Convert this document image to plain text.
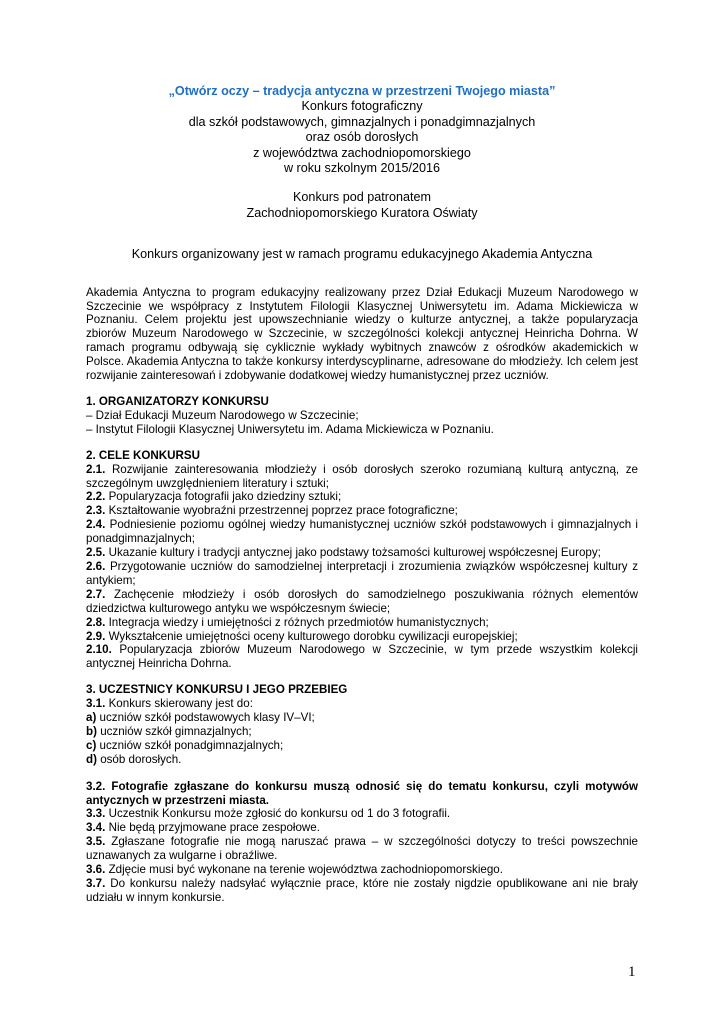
„Otwórz oczy – tradycja antyczna w przestrzeni Twojego miasta”
Konkurs fotograficzny
dla szkół podstawowych, gimnazjalnych i ponadgimnazjalnych
oraz osób dorosłych
z województwa zachodniopomorskiego
w roku szkolnym 2015/2016
Konkurs pod patronatem
Zachodniopomorskiego Kuratora Oświaty
Konkurs organizowany jest w ramach programu edukacyjnego Akademia Antyczna

Akademia Antyczna to program edukacyjny realizowany przez Dział Edukacji Muzeum Narodowego w Szczecinie we współpracy z Instytutem Filologii Klasycznej Uniwersytetu im. Adama Mickiewicza w Poznaniu. Celem projektu jest upowszechnianie wiedzy o kulturze antycznej, a także popularyzacja zbiorów Muzeum Narodowego w Szczecinie, w szczególności kolekcji antycznej Heinricha Dohrna. W ramach programu odbywają się cyklicznie wykłady wybitnych znawców z ośrodków akademickich w Polsce. Akademia Antyczna to także konkursy interdyscyplinarne, adresowane do młodzieży. Ich celem jest rozwijanie zainteresowań i zdobywanie dodatkowej wiedzy humanistycznej przez uczniów.

1. ORGANIZATORZY KONKURSU
– Dział Edukacji Muzeum Narodowego w Szczecinie;
– Instytut Filologii Klasycznej Uniwersytetu im. Adama Mickiewicza w Poznaniu.
2. CELE KONKURSU
2.1. Rozwijanie zainteresowania młodzieży i osób dorosłych szeroko rozumianą kulturą antyczną, ze szczególnym uwzględnieniem literatury i sztuki;
2.2. Popularyzacja fotografii jako dziedziny sztuki;
2.3. Kształtowanie wyobraźni przestrzennej poprzez prace fotograficzne;
2.4. Podniesienie poziomu ogólnej wiedzy humanistycznej uczniów szkół podstawowych i gimnazjalnych i ponadgimnazjalnych;
2.5. Ukazanie kultury i tradycji antycznej jako podstawy tożsamości kulturowej współczesnej Europy;
2.6. Przygotowanie uczniów do samodzielnej interpretacji i zrozumienia związków współczesnej kultury z antykiem;
2.7. Zachęcenie młodzieży i osób dorosłych do samodzielnego poszukiwania różnych elementów dziedzictwa kulturowego antyku we współczesnym świecie;
2.8. Integracja wiedzy i umiejętności z różnych przedmiotów humanistycznych;
2.9. Wykształcenie umiejętności oceny kulturowego dorobku cywilizacji europejskiej;
2.10. Popularyzacja zbiorów Muzeum Narodowego w Szczecinie, w tym przede wszystkim kolekcji antycznej Heinricha Dohrna.
3. UCZESTNICY KONKURSU I JEGO PRZEBIEG
3.1. Konkurs skierowany jest do:
a) uczniów szkół podstawowych klasy IV–VI;
b) uczniów szkół gimnazjalnych;
c) uczniów szkół ponadgimnazjalnych;
d) osób dorosłych.
3.2. Fotografie zgłaszane do konkursu muszą odnosić się do tematu konkursu, czyli motywów antycznych w przestrzeni miasta.
3.3. Uczestnik Konkursu może zgłosić do konkursu od 1 do 3 fotografii.
3.4. Nie będą przyjmowane prace zespołowe.
3.5. Zgłaszane fotografie nie mogą naruszać prawa – w szczególności dotyczy to treści powszechnie uznawanych za wulgarne i obraźliwe.
3.6. Zdjęcie musi być wykonane na terenie województwa zachodniopomorskiego.
3.7. Do konkursu należy nadsyłać wyłącznie prace, które nie zostały nigdzie opublikowane ani nie brały udziału w innym konkursie.
1
